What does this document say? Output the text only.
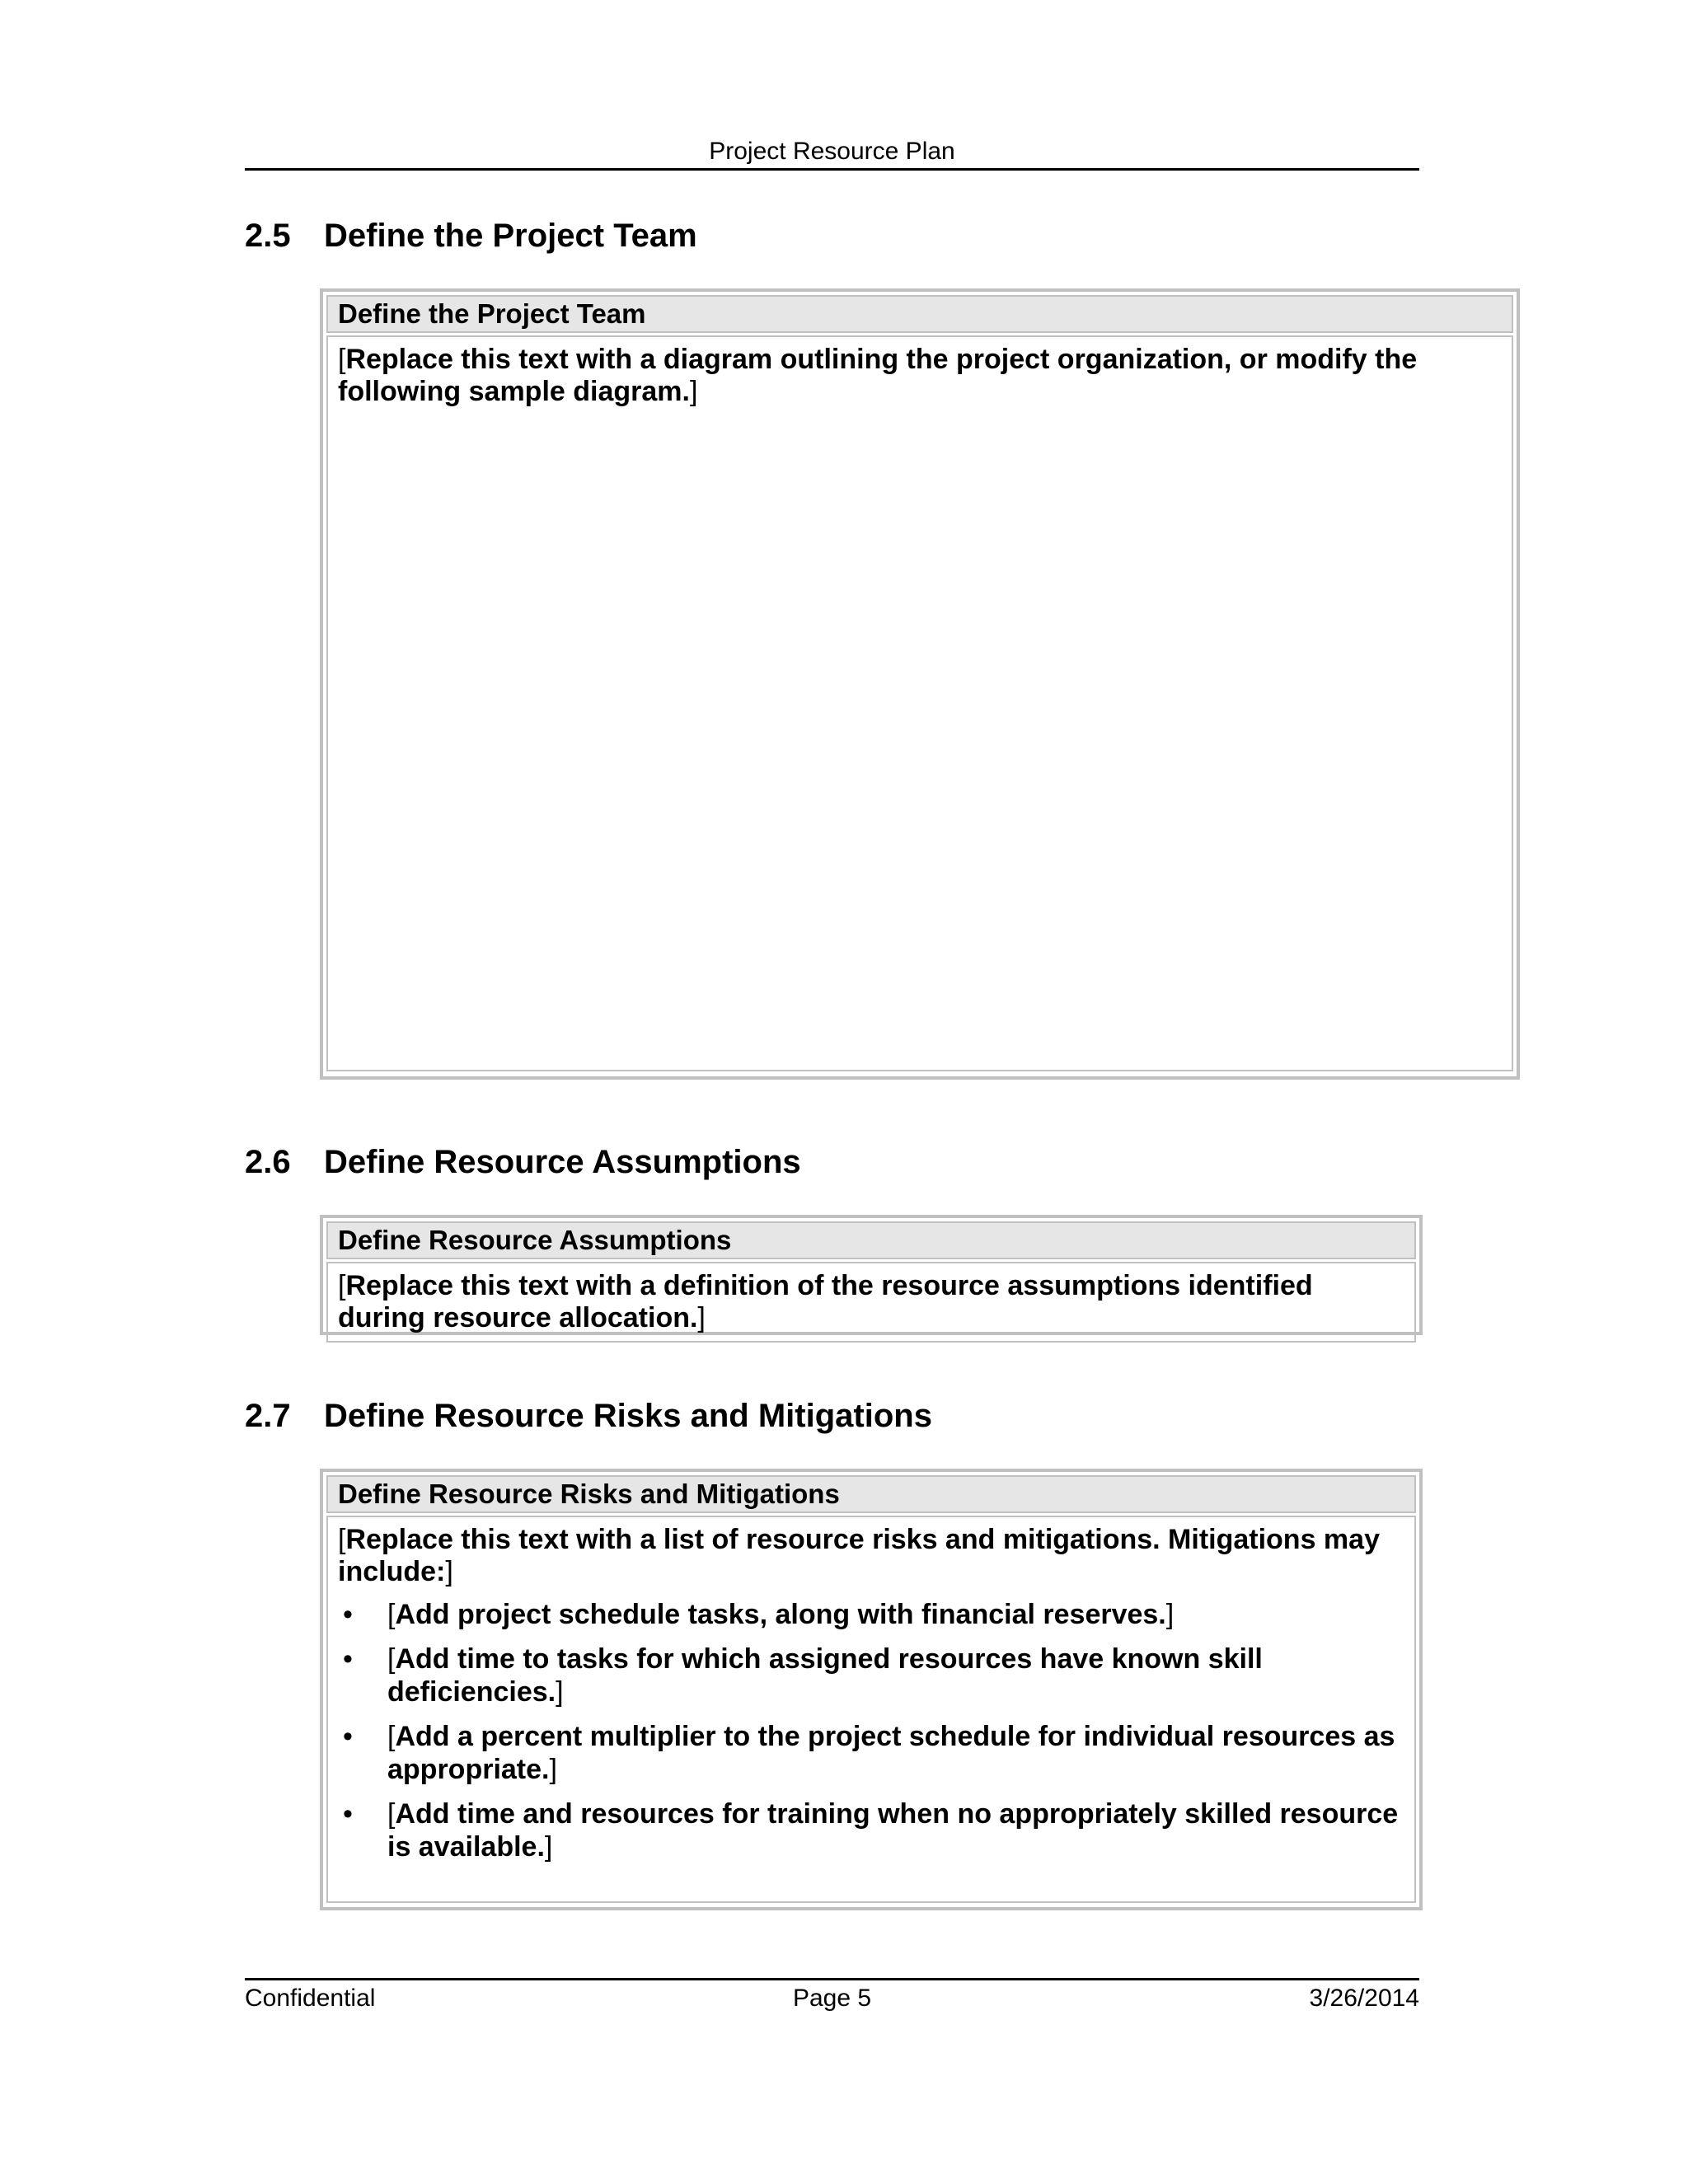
Project Resource Plan
2.5 Define the Project Team
Define the Project Team
[Replace this text with a diagram outlining the project organization, or modify the following sample diagram.]
2.6 Define Resource Assumptions
Define Resource Assumptions
[Replace this text with a definition of the resource assumptions identified during resource allocation.]
2.7 Define Resource Risks and Mitigations
Define Resource Risks and Mitigations
[Replace this text with a list of resource risks and mitigations. Mitigations may include:]
• [Add project schedule tasks, along with financial reserves.]
• [Add time to tasks for which assigned resources have known skill deficiencies.]
• [Add a percent multiplier to the project schedule for individual resources as appropriate.]
• [Add time and resources for training when no appropriately skilled resource is available.]
Confidential	Page 5	3/26/2014
